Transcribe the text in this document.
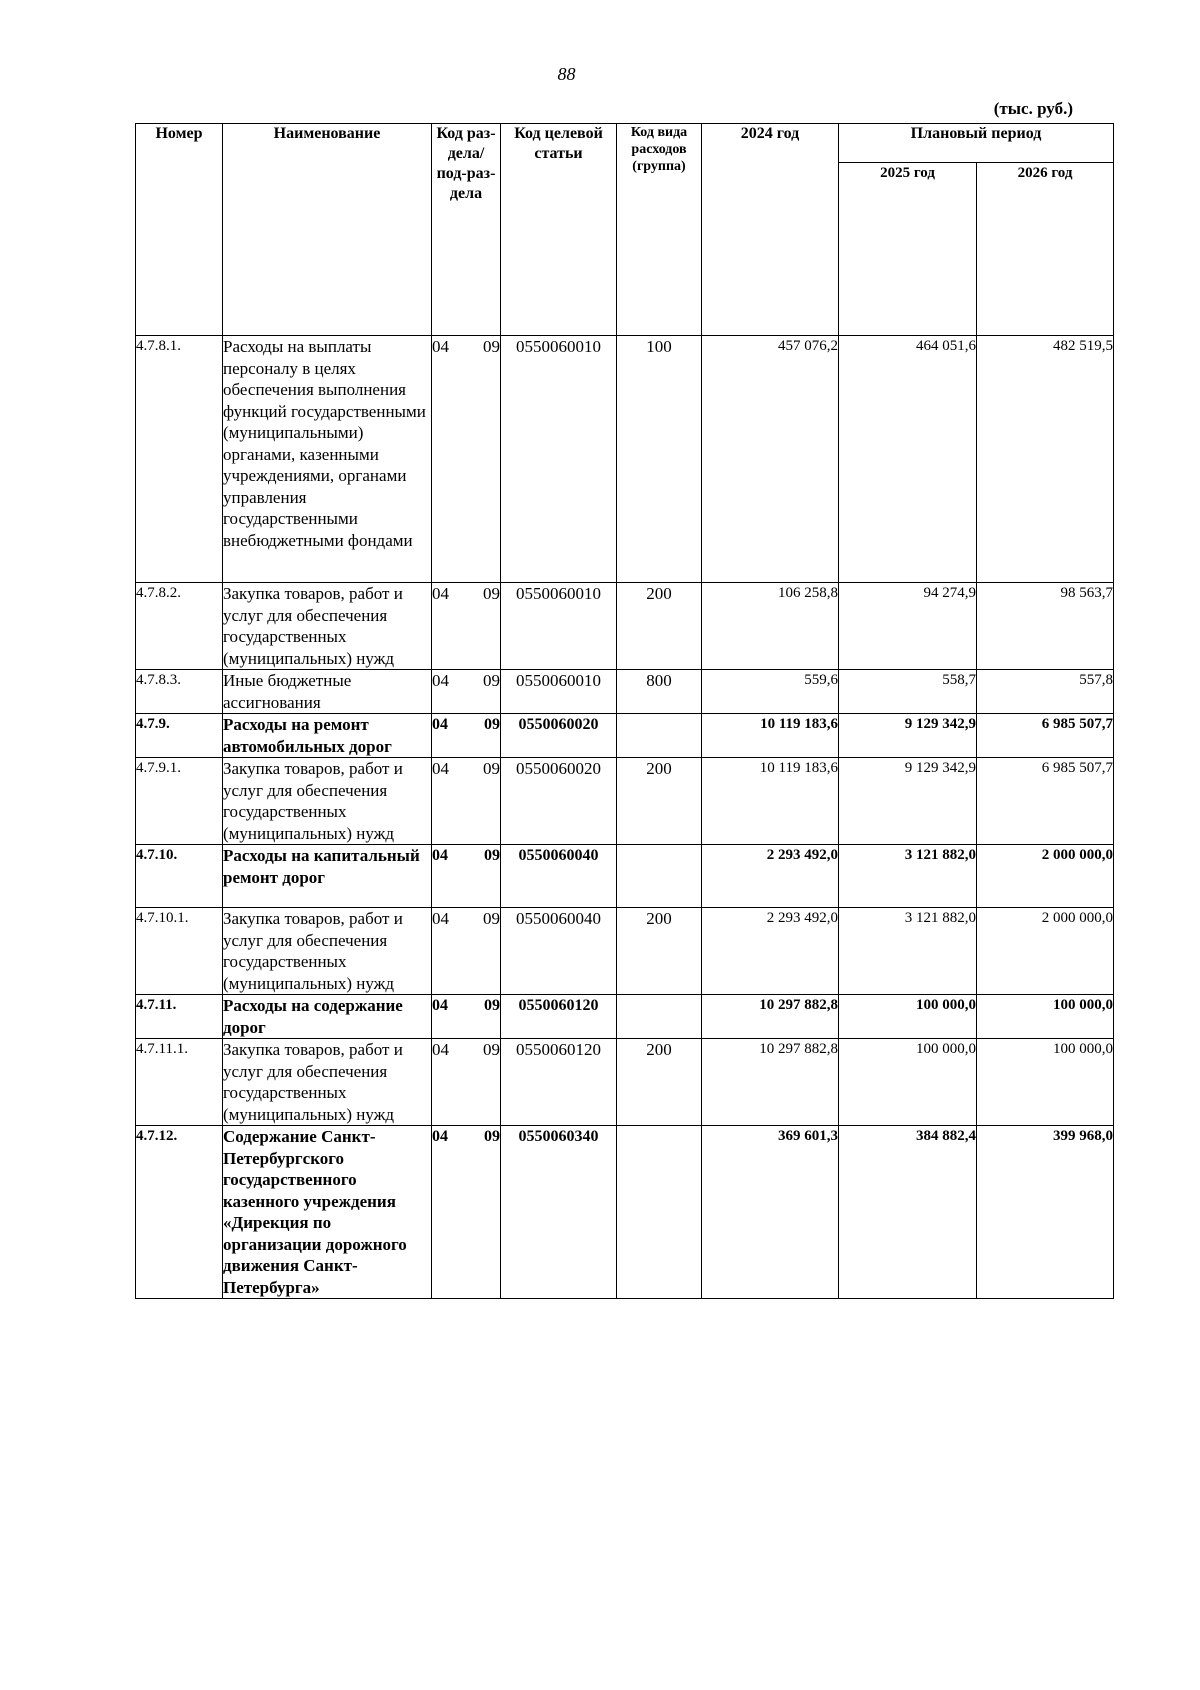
88
(тыс. руб.)
Номер	Наименование	Код раз-дела/ под-раз-дела	Код целевой статьи	Код вида расходов (группа)	2024 год	Плановый период	
						2025 год	2026 год
4.7.8.1.	Расходы на выплаты персоналу в целях обеспечения выполнения функций государственными (муниципальными) органами, казенными учреждениями, органами управления государственными внебюджетными фондами	04 09	0550060010	100	457 076,2	464 051,6	482 519,5
4.7.8.2.	Закупка товаров, работ и услуг для обеспечения государственных (муниципальных) нужд	04 09	0550060010	200	106 258,8	94 274,9	98 563,7
4.7.8.3.	Иные бюджетные ассигнования	04 09	0550060010	800	559,6	558,7	557,8
4.7.9.	Расходы на ремонт автомобильных дорог	04 09	0550060020		10 119 183,6	9 129 342,9	6 985 507,7
4.7.9.1.	Закупка товаров, работ и услуг для обеспечения государственных (муниципальных) нужд	04 09	0550060020	200	10 119 183,6	9 129 342,9	6 985 507,7
4.7.10.	Расходы на капитальный ремонт дорог	04 09	0550060040		2 293 492,0	3 121 882,0	2 000 000,0
4.7.10.1.	Закупка товаров, работ и услуг для обеспечения государственных (муниципальных) нужд	04 09	0550060040	200	2 293 492,0	3 121 882,0	2 000 000,0
4.7.11.	Расходы на содержание дорог	04 09	0550060120		10 297 882,8	100 000,0	100 000,0
4.7.11.1.	Закупка товаров, работ и услуг для обеспечения государственных (муниципальных) нужд	04 09	0550060120	200	10 297 882,8	100 000,0	100 000,0
4.7.12.	Содержание Санкт-Петербургского государственного казенного учреждения «Дирекция по организации дорожного движения Санкт-Петербурга»	04 09	0550060340		369 601,3	384 882,4	399 968,0
